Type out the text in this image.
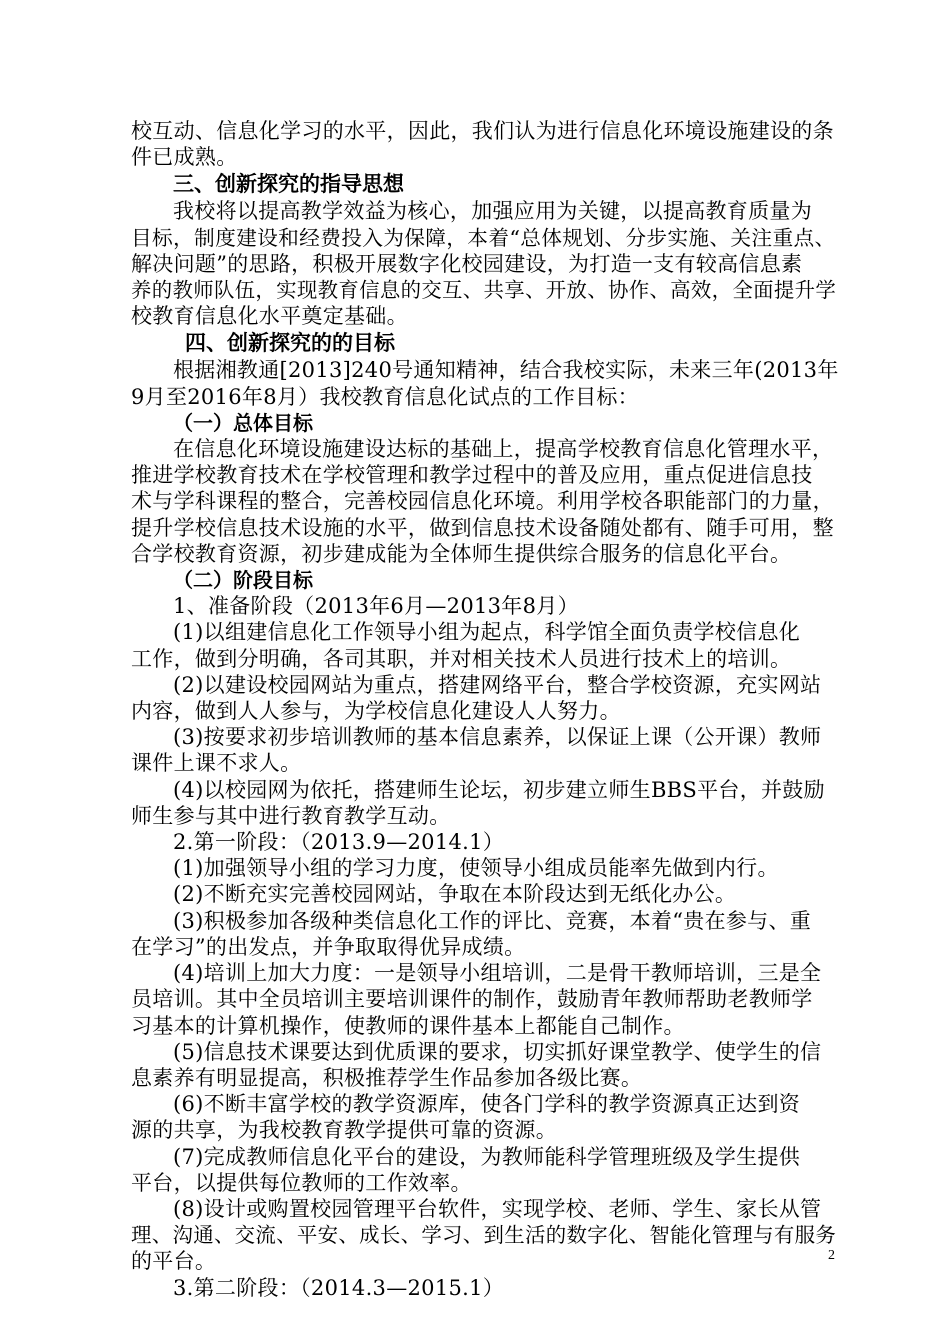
校互动、信息化学习的水平，因此，我们认为进行信息化环境设施建设的条
件已成熟。
三、创新探究的指导思想
我校将以提高教学效益为核心，加强应用为关键，以提高教育质量为
目标，制度建设和经费投入为保障，本着“总体规划、分步实施、关注重点、
解决问题”的思路，积极开展数字化校园建设，为打造一支有较高信息素
养的教师队伍，实现教育信息的交互、共享、开放、协作、高效，全面提升学
校教育信息化水平奠定基础。
四、创新探究的的目标
根据湘教通[2013]240号通知精神，结合我校实际，未来三年(2013年
9月至2016年8月）我校教育信息化试点的工作目标：
（一）总体目标
在信息化环境设施建设达标的基础上，提高学校教育信息化管理水平，
推进学校教育技术在学校管理和教学过程中的普及应用，重点促进信息技
术与学科课程的整合，完善校园信息化环境。利用学校各职能部门的力量，
提升学校信息技术设施的水平，做到信息技术设备随处都有、随手可用，整
合学校教育资源，初步建成能为全体师生提供综合服务的信息化平台。
（二）阶段目标
1、准备阶段（2013年6月—2013年8月）
(1)以组建信息化工作领导小组为起点，科学馆全面负责学校信息化
工作，做到分明确，各司其职，并对相关技术人员进行技术上的培训。
(2)以建设校园网站为重点，搭建网络平台，整合学校资源，充实网站
内容，做到人人参与，为学校信息化建设人人努力。
(3)按要求初步培训教师的基本信息素养，以保证上课（公开课）教师
课件上课不求人。
(4)以校园网为依托，搭建师生论坛，初步建立师生BBS平台，并鼓励
师生参与其中进行教育教学互动。
2.第一阶段：（2013.9—2014.1）
(1)加强领导小组的学习力度，使领导小组成员能率先做到内行。
(2)不断充实完善校园网站，争取在本阶段达到无纸化办公。
(3)积极参加各级种类信息化工作的评比、竞赛，本着“贵在参与、重
在学习”的出发点，并争取取得优异成绩。
(4)培训上加大力度：一是领导小组培训，二是骨干教师培训，三是全
员培训。其中全员培训主要培训课件的制作，鼓励青年教师帮助老教师学
习基本的计算机操作，使教师的课件基本上都能自己制作。
(5)信息技术课要达到优质课的要求，切实抓好课堂教学、使学生的信
息素养有明显提高，积极推荐学生作品参加各级比赛。
(6)不断丰富学校的教学资源库，使各门学科的教学资源真正达到资
源的共享，为我校教育教学提供可靠的资源。
(7)完成教师信息化平台的建设，为教师能科学管理班级及学生提供
平台，以提供每位教师的工作效率。
(8)设计或购置校园管理平台软件，实现学校、老师、学生、家长从管
理、沟通、交流、平安、成长、学习、到生活的数字化、智能化管理与有服务
的平台。
3.第二阶段：（2014.3—2015.1）
2
